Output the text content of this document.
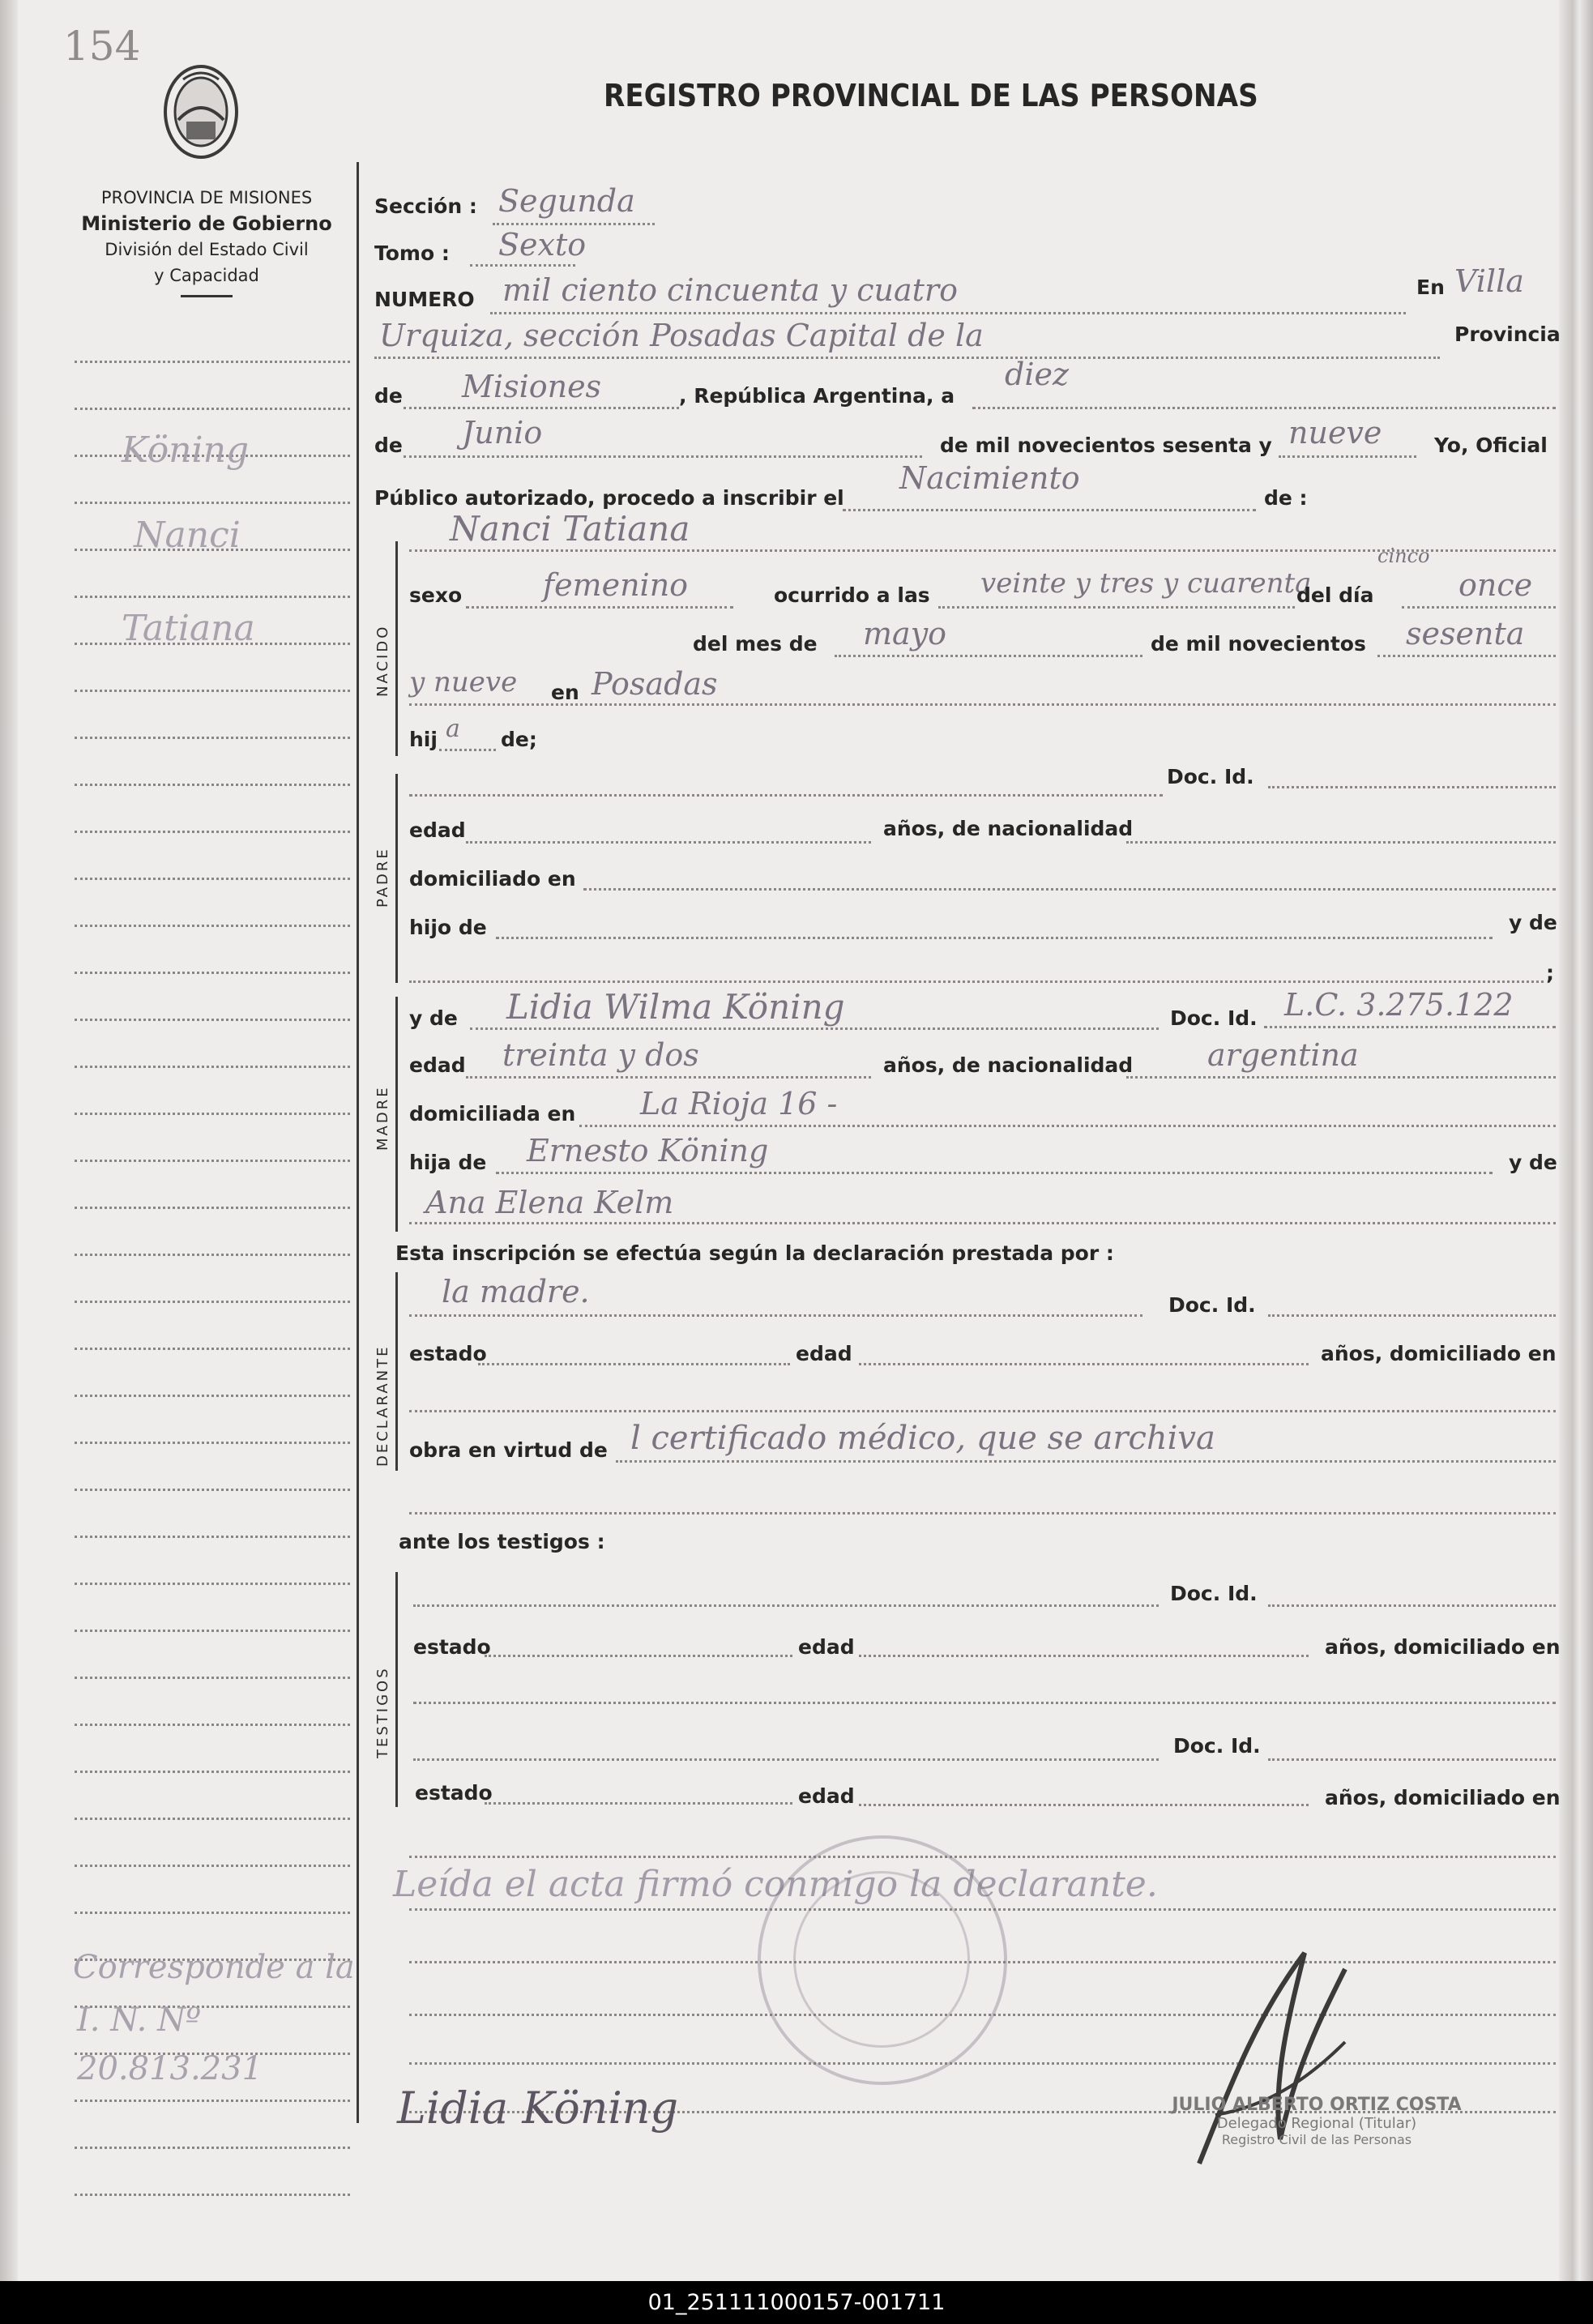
154
REGISTRO PROVINCIAL DE LAS PERSONAS
PROVINCIA DE MISIONES
Ministerio de Gobierno
División del Estado Civil
y Capacidad
Köning
Nanci
Tatiana
Corresponde a la
I. N. Nº
20.813.231
Sección : Segunda
Tomo : Sexto
NUMERO mil ciento cincuenta y cuatro	En Villa
Urquiza, sección Posadas Capital de la	Provincia
de Misiones	, República Argentina, a
diez
de Junio	de mil novecientos sesenta y nueve	Yo, Oficial
Público autorizado, procedo a inscribir el
Nacimiento
de :
Nanci Tatiana
NACIDO
sexo	femenino	ocurrido a las veinte y tres y cuarenta
cinco
del día	once
del mes de mayo	de mil novecientos sesenta
y nueve en Posadas
hij a de;
Doc. Id.
PADRE
edad	años, de nacionalidad
domiciliado en
hijo de	y de
;
MADRE
y de Lidia Wilma Köning	Doc. Id. L.C. 3.275.122
edad treinta y dos	años, de nacionalidad argentina
domiciliada en La Rioja 16 -
hija de Ernesto Köning	y de
Ana Elena Kelm
Esta inscripción se efectúa según la declaración prestada por :
DECLARANTE
la madre.	Doc. Id.
estado	edad	años, domiciliado en
obra en virtud de l certificado médico, que se archiva
ante los testigos :
TESTIGOS
Doc. Id.
estado	edad	años, domiciliado en
Doc. Id.
estado	edad	años, domiciliado en
Leída el acta firmó conmigo la declarante.
Lidia Köning	JULIO ALBERTO ORTIZ COSTA
Delegado Regional (Titular)
Registro Civil de las Personas
01_251111000157-001711
